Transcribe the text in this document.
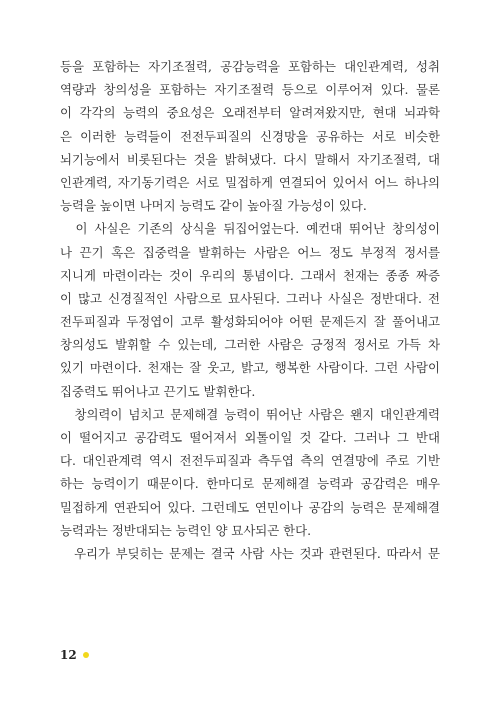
등을 포함하는 자기조절력, 공감능력을 포함하는 대인관계력, 성취
역량과 창의성을 포함하는 자기조절력 등으로 이루어져 있다. 물론
이 각각의 능력의 중요성은 오래전부터 알려져왔지만, 현대 뇌과학
은 이러한 능력들이 전전두피질의 신경망을 공유하는 서로 비슷한
뇌기능에서 비롯된다는 것을 밝혀냈다. 다시 말해서 자기조절력, 대
인관계력, 자기동기력은 서로 밀접하게 연결되어 있어서 어느 하나의
능력을 높이면 나머지 능력도 같이 높아질 가능성이 있다.
　이 사실은 기존의 상식을 뒤집어엎는다. 예컨대 뛰어난 창의성이
나 끈기 혹은 집중력을 발휘하는 사람은 어느 정도 부정적 정서를
지니게 마련이라는 것이 우리의 통념이다. 그래서 천재는 종종 짜증
이 많고 신경질적인 사람으로 묘사된다. 그러나 사실은 정반대다. 전
전두피질과 두정엽이 고루 활성화되어야 어떤 문제든지 잘 풀어내고
창의성도 발휘할 수 있는데, 그러한 사람은 긍정적 정서로 가득 차
있기 마련이다. 천재는 잘 웃고, 밝고, 행복한 사람이다. 그런 사람이
집중력도 뛰어나고 끈기도 발휘한다.
　창의력이 넘치고 문제해결 능력이 뛰어난 사람은 왠지 대인관계력
이 떨어지고 공감력도 떨어져서 외톨이일 것 같다. 그러나 그 반대
다. 대인관계력 역시 전전두피질과 측두엽 측의 연결망에 주로 기반
하는 능력이기 때문이다. 한마디로 문제해결 능력과 공감력은 매우
밀접하게 연관되어 있다. 그런데도 연민이나 공감의 능력은 문제해결
능력과는 정반대되는 능력인 양 묘사되곤 한다.
　우리가 부딪히는 문제는 결국 사람 사는 것과 관련된다. 따라서 문
12
